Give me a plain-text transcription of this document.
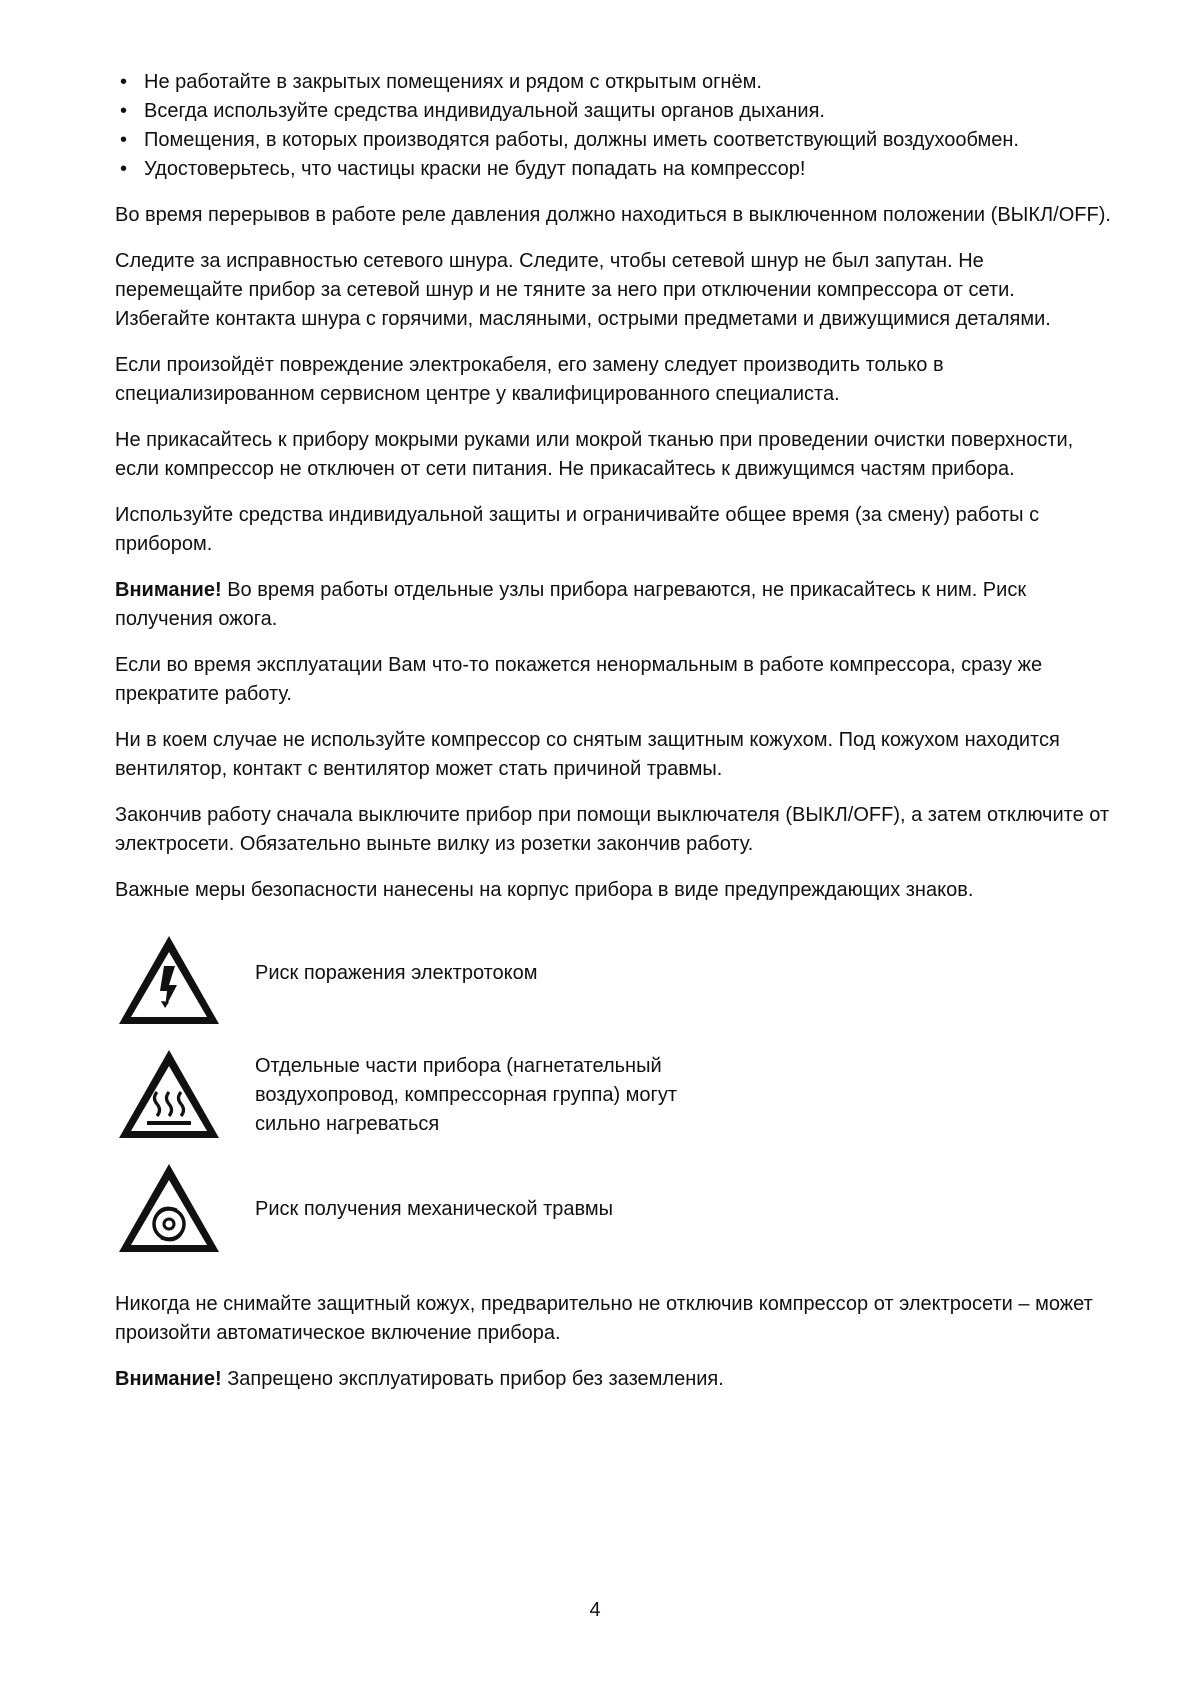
• Не работайте в закрытых помещениях и рядом с открытым огнём.
• Всегда используйте средства индивидуальной защиты органов дыхания.
• Помещения, в которых производятся работы, должны иметь соответствующий воздухообмен.
• Удостоверьтесь, что частицы краски не будут попадать на компрессор!

Во время перерывов в работе реле давления должно находиться в выключенном положении (ВЫКЛ/OFF).

Следите за исправностью сетевого шнура. Следите, чтобы сетевой шнур не был запутан. Не перемещайте прибор за сетевой шнур и не тяните за него при отключении компрессора от сети. Избегайте контакта шнура с горячими, масляными, острыми предметами и движущимися деталями.

Если произойдёт повреждение электрокабеля, его замену следует производить только в специализированном сервисном центре у квалифицированного специалиста.

Не прикасайтесь к прибору мокрыми руками или мокрой тканью при проведении очистки поверхности, если компрессор не отключен от сети питания. Не прикасайтесь к движущимся частям прибора.

Используйте средства индивидуальной защиты и ограничивайте общее время (за смену) работы с прибором.

Внимание! Во время работы отдельные узлы прибора нагреваются, не прикасайтесь к ним. Риск получения ожога.

Если во время эксплуатации Вам что-то покажется ненормальным в работе компрессора, сразу же прекратите работу.

Ни в коем случае не используйте компрессор со снятым защитным кожухом. Под кожухом находится вентилятор, контакт с вентилятор может стать причиной травмы.

Закончив работу сначала выключите прибор при помощи выключателя (ВЫКЛ/OFF), а затем отключите от электросети. Обязательно выньте вилку из розетки закончив работу.

Важные меры безопасности нанесены на корпус прибора в виде предупреждающих знаков.

Риск поражения электротоком
Отдельные части прибора (нагнетательный воздухопровод, компрессорная группа) могут сильно нагреваться
Риск получения механической травмы

Никогда не снимайте защитный кожух, предварительно не отключив компрессор от электросети – может произойти автоматическое включение прибора.

Внимание! Запрещено эксплуатировать прибор без заземления.

4
